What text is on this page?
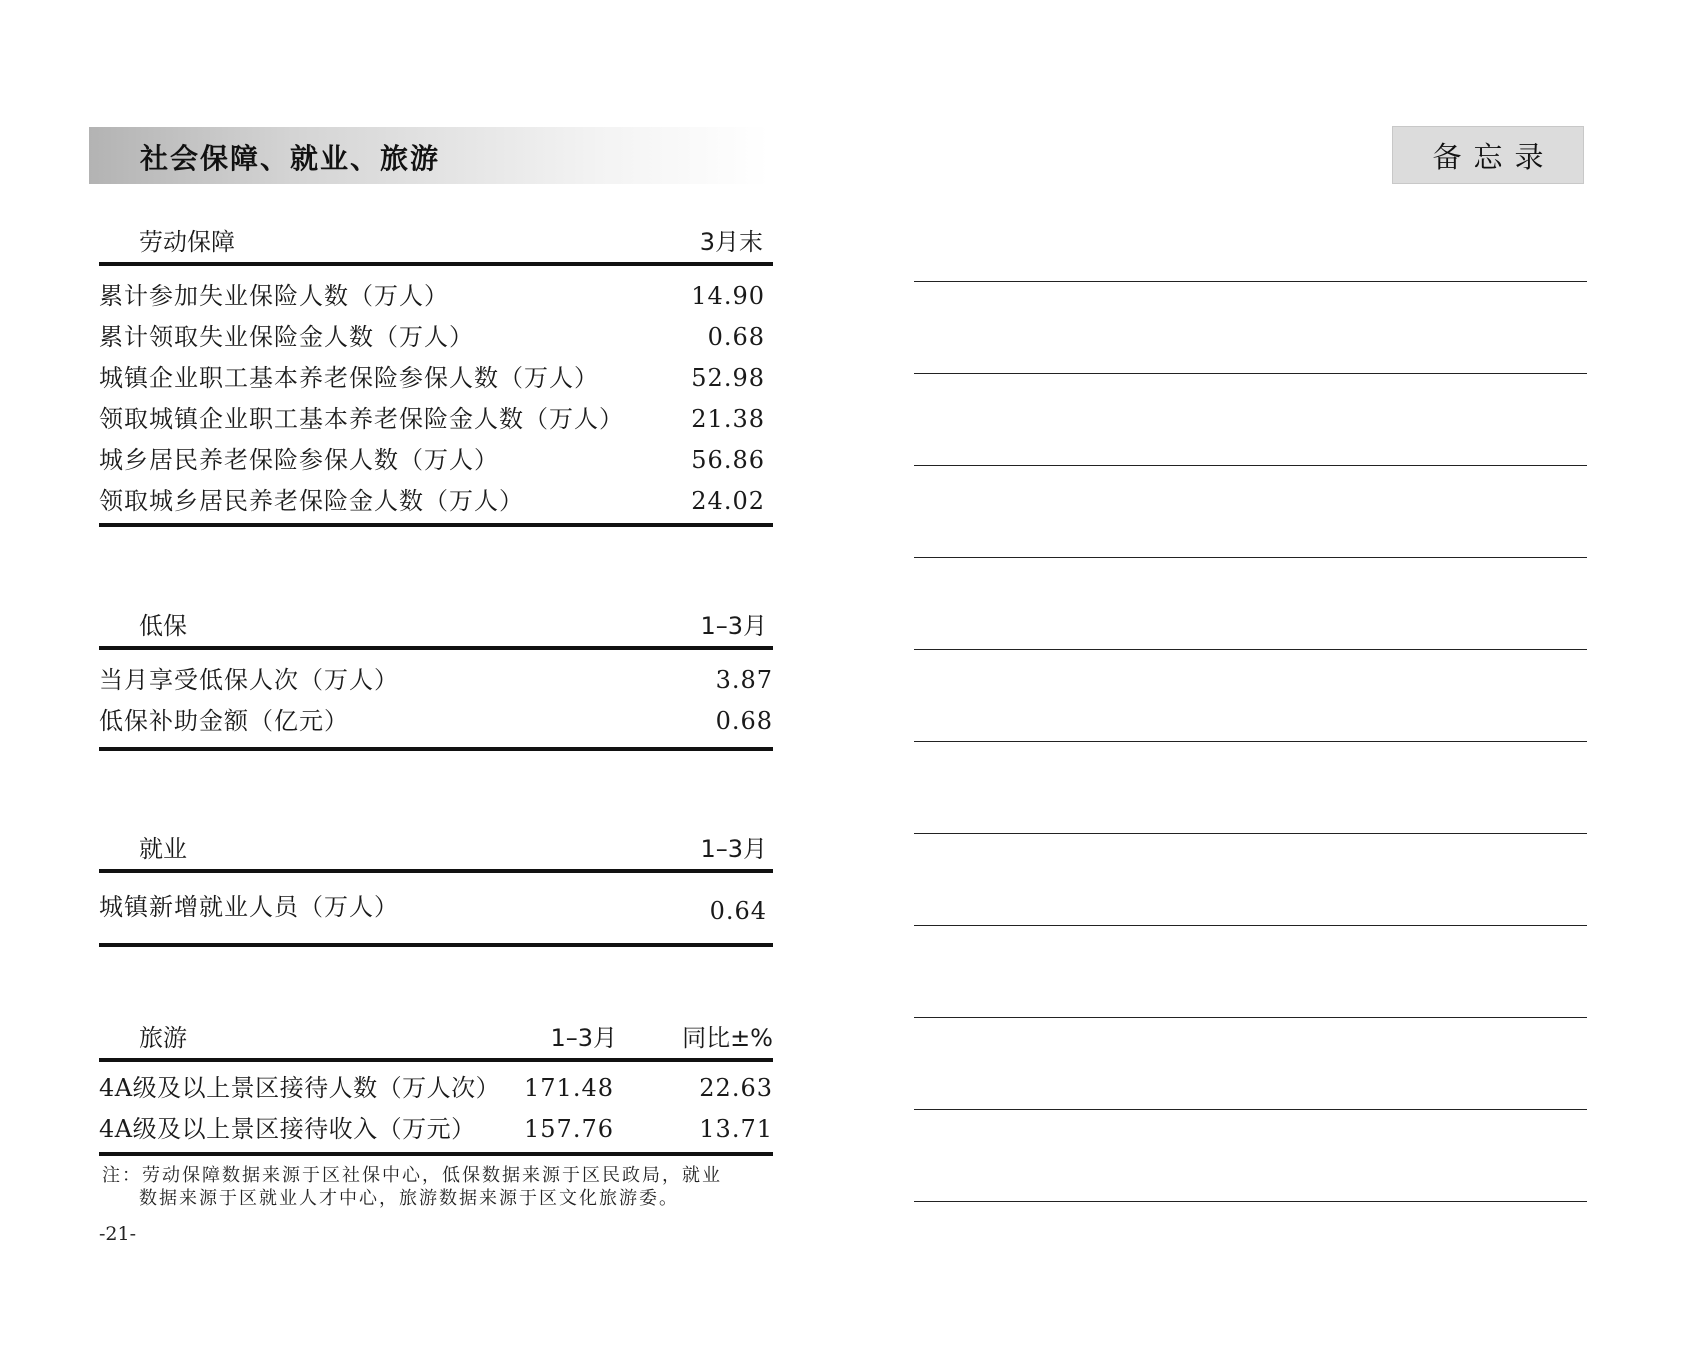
社会保障、就业、旅游	备忘录
劳动保障	3月末
累计参加失业保险人数（万人）	14.90
累计领取失业保险金人数（万人）	0.68
城镇企业职工基本养老保险参保人数（万人）	52.98
领取城镇企业职工基本养老保险金人数（万人）	21.38
城乡居民养老保险参保人数（万人）	56.86
领取城乡居民养老保险金人数（万人）	24.02
低保	1–3月
当月享受低保人次（万人）	3.87
低保补助金额（亿元）	0.68
就业	1–3月
城镇新增就业人员（万人）	0.64
旅游	1–3月	同比±%
4A级及以上景区接待人数（万人次） 171.48	22.63
4A级及以上景区接待收入（万元） 157.76	13.71
注：劳动保障数据来源于区社保中心，低保数据来源于区民政局，就业
数据来源于区就业人才中心，旅游数据来源于区文化旅游委。
-21-
